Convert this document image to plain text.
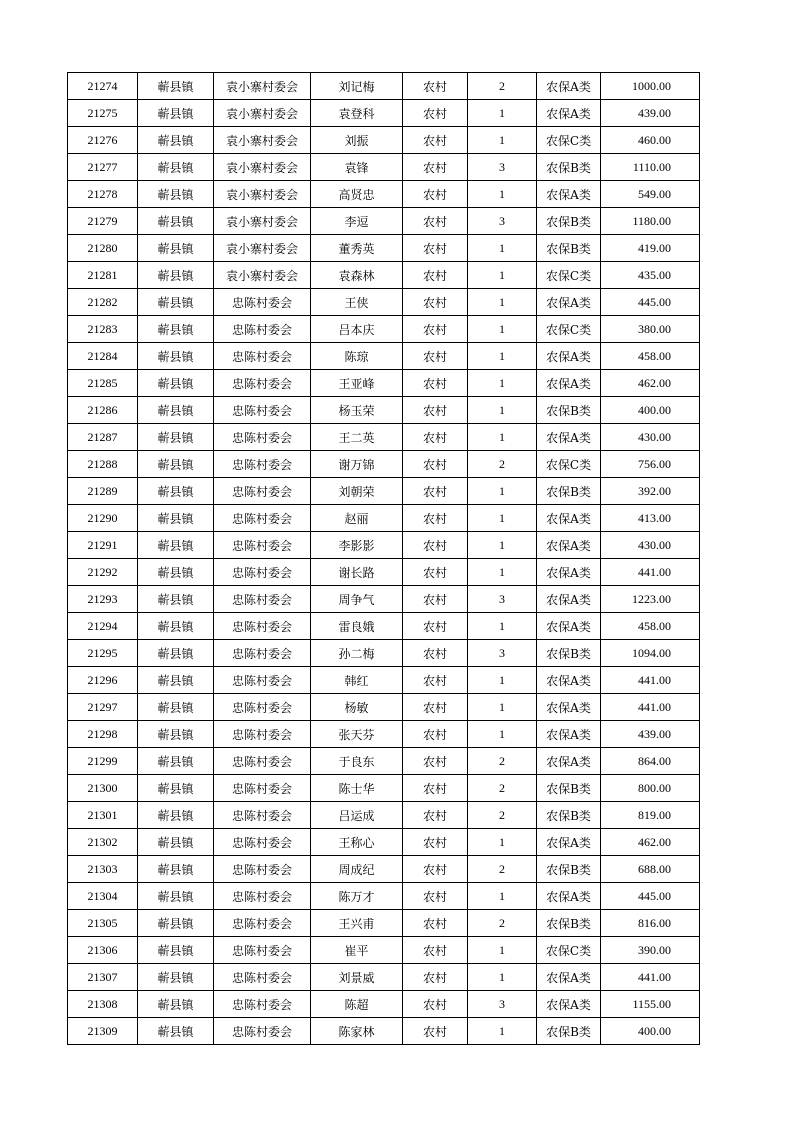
21274	蕲县镇	袁小寨村委会	刘记梅	农村	2	农保A类	1000.00
21275	蕲县镇	袁小寨村委会	袁登科	农村	1	农保A类	439.00
21276	蕲县镇	袁小寨村委会	刘振	农村	1	农保C类	460.00
21277	蕲县镇	袁小寨村委会	袁锋	农村	3	农保B类	1110.00
21278	蕲县镇	袁小寨村委会	高贤忠	农村	1	农保A类	549.00
21279	蕲县镇	袁小寨村委会	李逗	农村	3	农保B类	1180.00
21280	蕲县镇	袁小寨村委会	董秀英	农村	1	农保B类	419.00
21281	蕲县镇	袁小寨村委会	袁森林	农村	1	农保C类	435.00
21282	蕲县镇	忠陈村委会	王侠	农村	1	农保A类	445.00
21283	蕲县镇	忠陈村委会	吕本庆	农村	1	农保C类	380.00
21284	蕲县镇	忠陈村委会	陈琼	农村	1	农保A类	458.00
21285	蕲县镇	忠陈村委会	王亚峰	农村	1	农保A类	462.00
21286	蕲县镇	忠陈村委会	杨玉荣	农村	1	农保B类	400.00
21287	蕲县镇	忠陈村委会	王二英	农村	1	农保A类	430.00
21288	蕲县镇	忠陈村委会	谢万锦	农村	2	农保C类	756.00
21289	蕲县镇	忠陈村委会	刘朝荣	农村	1	农保B类	392.00
21290	蕲县镇	忠陈村委会	赵丽	农村	1	农保A类	413.00
21291	蕲县镇	忠陈村委会	李影影	农村	1	农保A类	430.00
21292	蕲县镇	忠陈村委会	谢长路	农村	1	农保A类	441.00
21293	蕲县镇	忠陈村委会	周争气	农村	3	农保A类	1223.00
21294	蕲县镇	忠陈村委会	雷良娥	农村	1	农保A类	458.00
21295	蕲县镇	忠陈村委会	孙二梅	农村	3	农保B类	1094.00
21296	蕲县镇	忠陈村委会	韩红	农村	1	农保A类	441.00
21297	蕲县镇	忠陈村委会	杨敏	农村	1	农保A类	441.00
21298	蕲县镇	忠陈村委会	张天芬	农村	1	农保A类	439.00
21299	蕲县镇	忠陈村委会	于良东	农村	2	农保A类	864.00
21300	蕲县镇	忠陈村委会	陈士华	农村	2	农保B类	800.00
21301	蕲县镇	忠陈村委会	吕运成	农村	2	农保B类	819.00
21302	蕲县镇	忠陈村委会	王称心	农村	1	农保A类	462.00
21303	蕲县镇	忠陈村委会	周成纪	农村	2	农保B类	688.00
21304	蕲县镇	忠陈村委会	陈万才	农村	1	农保A类	445.00
21305	蕲县镇	忠陈村委会	王兴甫	农村	2	农保B类	816.00
21306	蕲县镇	忠陈村委会	崔平	农村	1	农保C类	390.00
21307	蕲县镇	忠陈村委会	刘景威	农村	1	农保A类	441.00
21308	蕲县镇	忠陈村委会	陈超	农村	3	农保A类	1155.00
21309	蕲县镇	忠陈村委会	陈家林	农村	1	农保B类	400.00
